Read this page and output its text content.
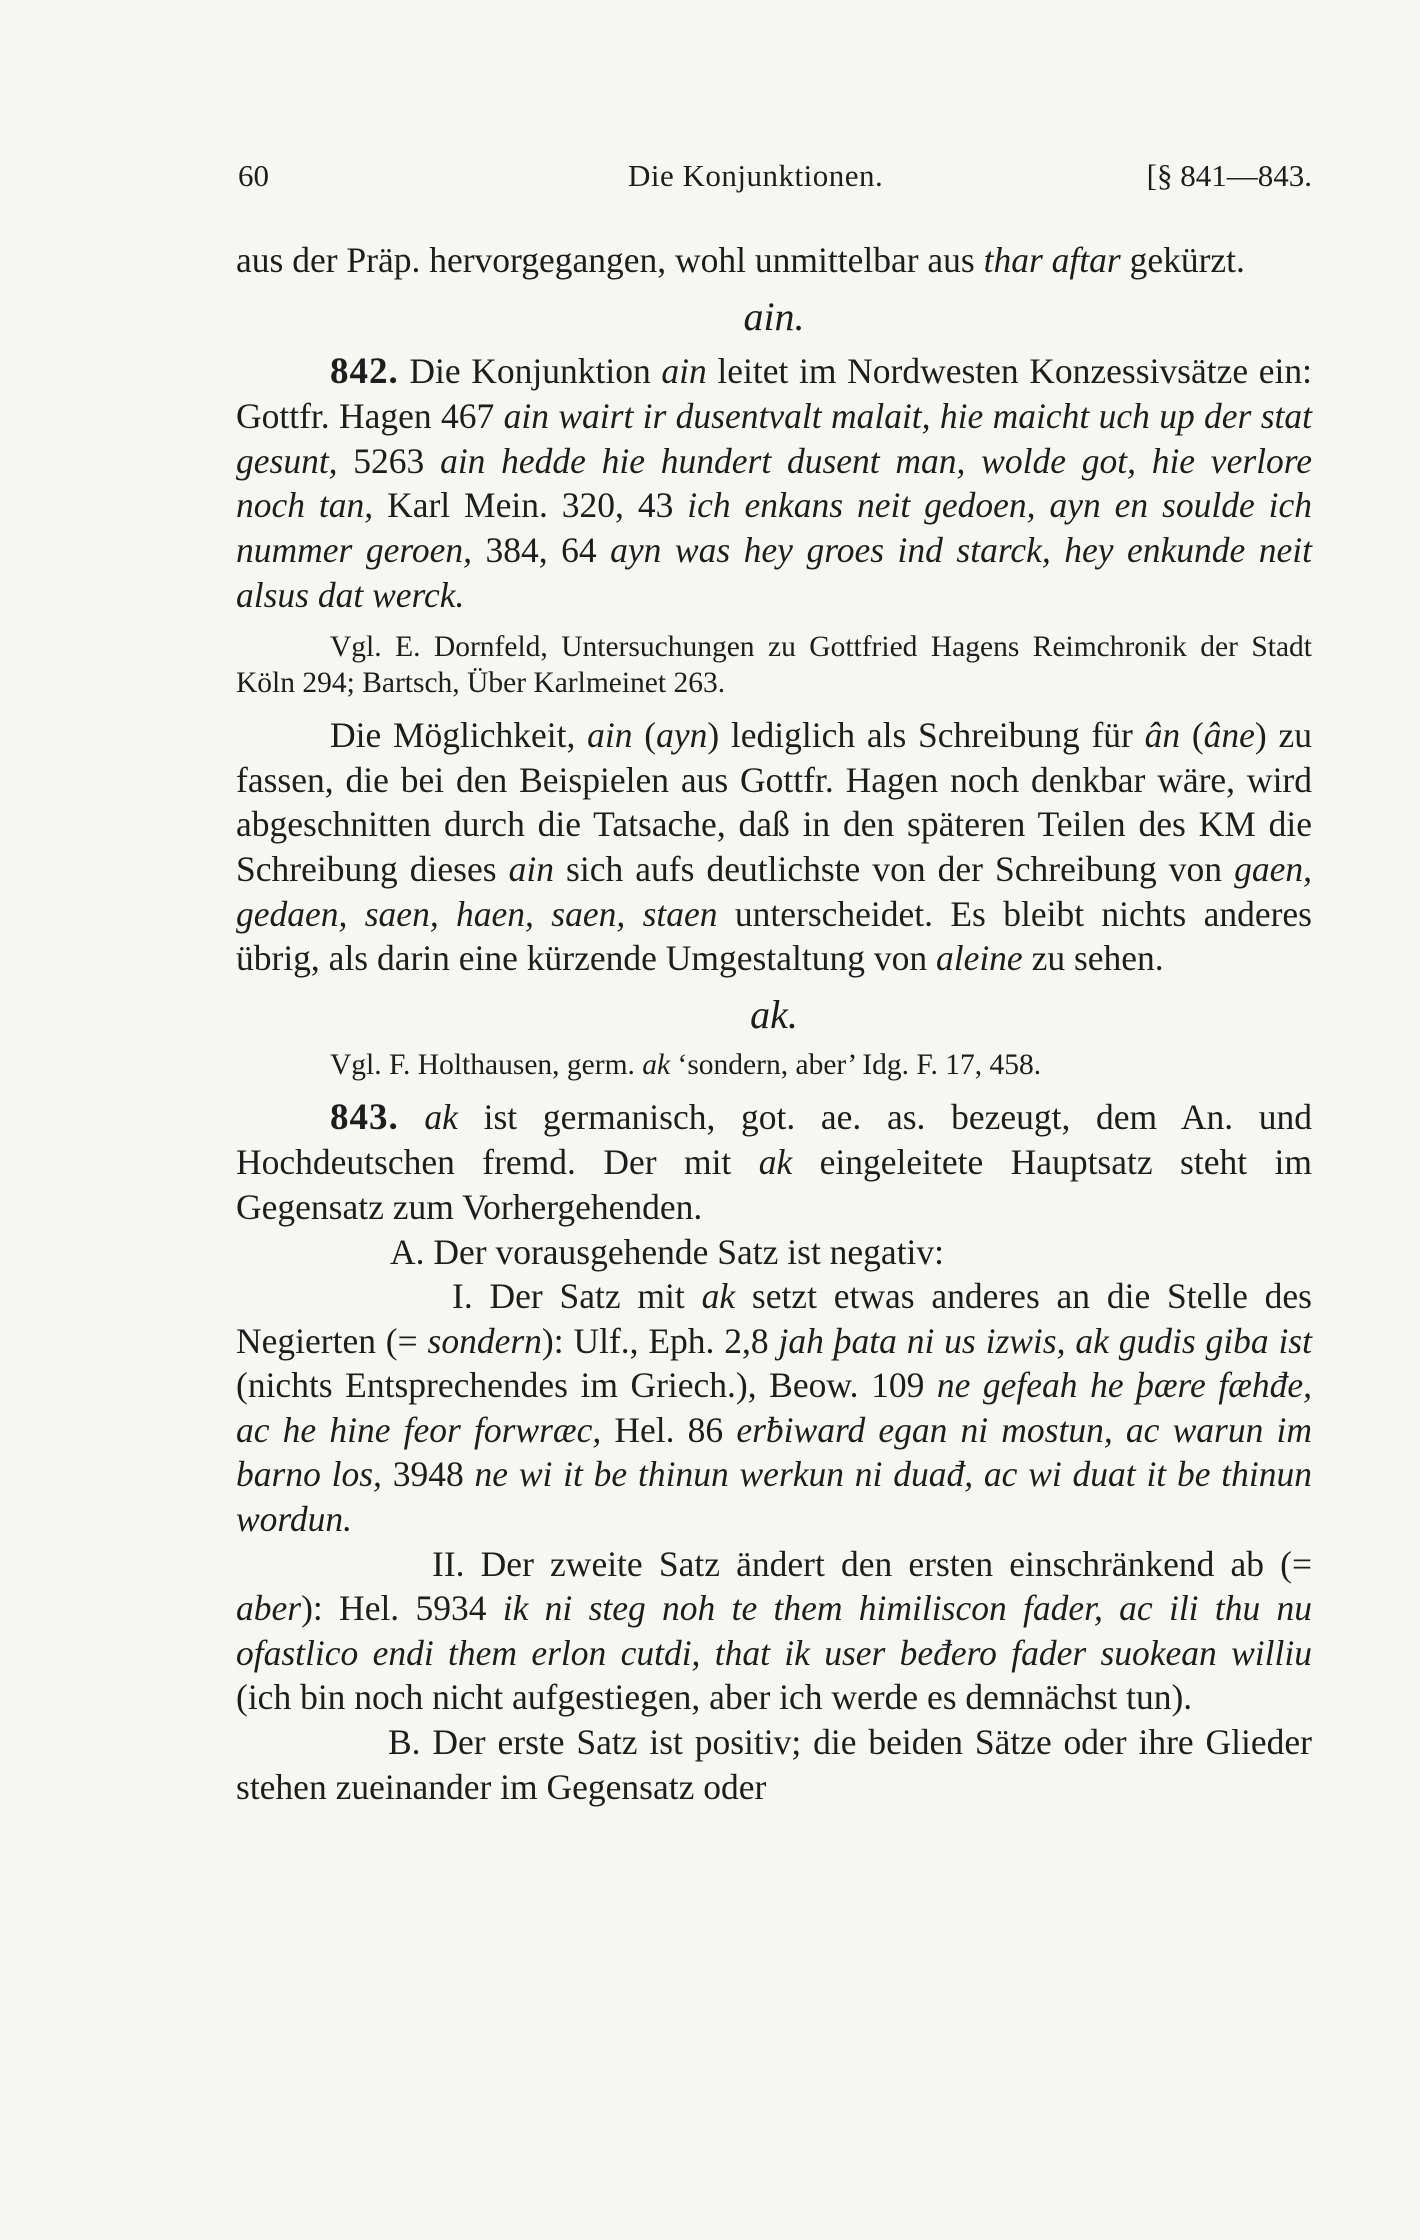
60	Die Konjunktionen.	[§ 841—843.

aus der Präp. hervorgegangen, wohl unmittelbar aus thar aftar gekürzt.

ain.

842. Die Konjunktion ain leitet im Nordwesten Konzessivsätze ein: Gottfr. Hagen 467 ain wairt ir dusentvalt malait, hie maicht uch up der stat gesunt, 5263 ain hedde hie hundert dusent man, wolde got, hie verlore noch tan, Karl Mein. 320, 43 ich enkans neit gedoen, ayn en soulde ich nummer geroen, 384, 64 ayn was hey groes ind starck, hey enkunde neit alsus dat werck.

Vgl. E. Dornfeld, Untersuchungen zu Gottfried Hagens Reimchronik der Stadt Köln 294; Bartsch, Über Karlmeinet 263.

Die Möglichkeit, ain (ayn) lediglich als Schreibung für ân (âne) zu fassen, die bei den Beispielen aus Gottfr. Hagen noch denkbar wäre, wird abgeschnitten durch die Tatsache, daß in den späteren Teilen des KM die Schreibung dieses ain sich aufs deutlichste von der Schreibung von gaen, gedaen, saen, haen, saen, staen unterscheidet. Es bleibt nichts anderes übrig, als darin eine kürzende Umgestaltung von aleine zu sehen.

ak.

Vgl. F. Holthausen, germ. ak ‘sondern, aber’ Idg. F. 17, 458.

843. ak ist germanisch, got. ae. as. bezeugt, dem An. und Hochdeutschen fremd. Der mit ak eingeleitete Hauptsatz steht im Gegensatz zum Vorhergehenden.

A. Der vorausgehende Satz ist negativ:

I. Der Satz mit ak setzt etwas anderes an die Stelle des Negierten (= sondern): Ulf., Eph. 2,8 jah þata ni us izwis, ak gudis giba ist (nichts Entsprechendes im Griech.), Beow. 109 ne gefeah he þære fæhđe, ac he hine feor forwræc, Hel. 86 erƀiward egan ni mostun, ac warun im barno los, 3948 ne wi it be thinun werkun ni duađ, ac wi duat it be thinun wordun.

II. Der zweite Satz ändert den ersten einschränkend ab (= aber): Hel. 5934 ik ni steg noh te them himiliscon fader, ac ili thu nu ofastlico endi them erlon cutdi, that ik user beđero fader suokean williu (ich bin noch nicht aufgestiegen, aber ich werde es demnächst tun).

B. Der erste Satz ist positiv; die beiden Sätze oder ihre Glieder stehen zueinander im Gegensatz oder
